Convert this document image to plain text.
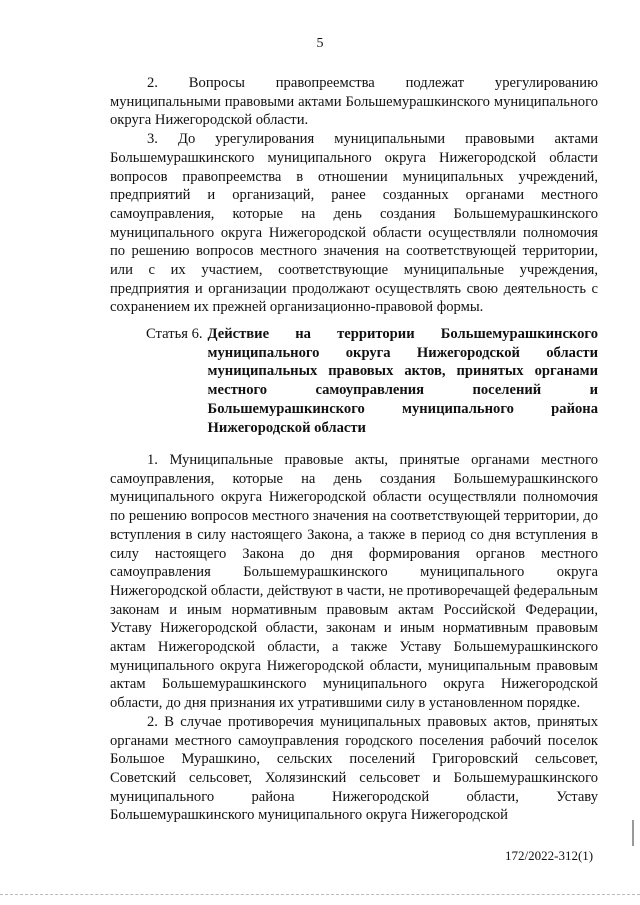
5

2. Вопросы правопреемства подлежат урегулированию муниципальными правовыми актами Большемурашкинского муниципального округа Нижегородской области.

3. До урегулирования муниципальными правовыми актами Большемурашкинского муниципального округа Нижегородской области вопросов правопреемства в отношении муниципальных учреждений, предприятий и организаций, ранее созданных органами местного самоуправления, которые на день создания Большемурашкинского муниципального округа Нижегородской области осуществляли полномочия по решению вопросов местного значения на соответствующей территории, или с их участием, соответствующие муниципальные учреждения, предприятия и организации продолжают осуществлять свою деятельность с сохранением их прежней организационно-правовой формы.

Статья 6. Действие на территории Большемурашкинского муниципального округа Нижегородской области муниципальных правовых актов, принятых органами местного самоуправления поселений и Большемурашкинского муниципального района Нижегородской области

1. Муниципальные правовые акты, принятые органами местного самоуправления, которые на день создания Большемурашкинского муниципального округа Нижегородской области осуществляли полномочия по решению вопросов местного значения на соответствующей территории, до вступления в силу настоящего Закона, а также в период со дня вступления в силу настоящего Закона до дня формирования органов местного самоуправления Большемурашкинского муниципального округа Нижегородской области, действуют в части, не противоречащей федеральным законам и иным нормативным правовым актам Российской Федерации, Уставу Нижегородской области, законам и иным нормативным правовым актам Нижегородской области, а также Уставу Большемурашкинского муниципального округа Нижегородской области, муниципальным правовым актам Большемурашкинского муниципального округа Нижегородской области, до дня признания их утратившими силу в установленном порядке.

2. В случае противоречия муниципальных правовых актов, принятых органами местного самоуправления городского поселения рабочий поселок Большое Мурашкино, сельских поселений Григоровский сельсовет, Советский сельсовет, Холязинский сельсовет и Большемурашкинского муниципального района Нижегородской области, Уставу Большемурашкинского муниципального округа Нижегородской

172/2022-312(1)
